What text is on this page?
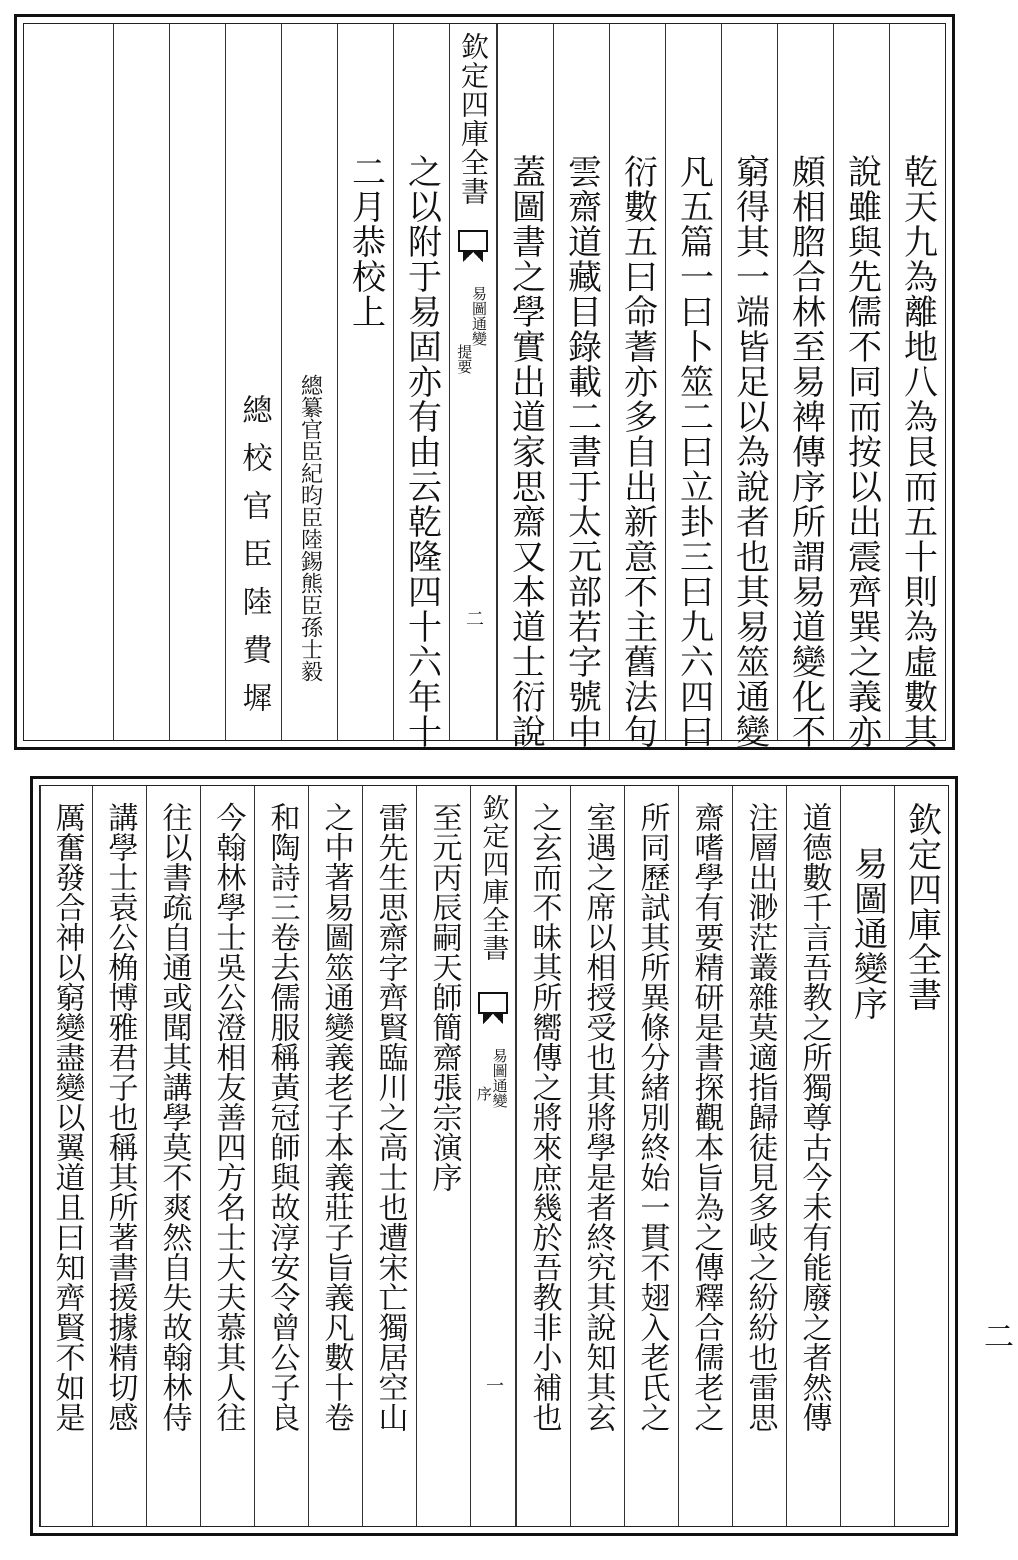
乾天九為離地八為艮而五十則為虛數其
說雖與先儒不同而按以出震齊巽之義亦
頗相脗合林至易裨傳序所謂易道變化不
窮得其一端皆足以為說者也其易筮通變
凡五篇一曰卜筮二曰立卦三曰九六四曰
衍數五曰命蓍亦多自出新意不主舊法句
雲齋道藏目錄載二書于太元部若字號中
蓋圖書之學實出道家思齋又本道士衍說
欽定四庫全書
易圖通變
提要
二
之以附于易固亦有由云乾隆四十六年十
二月恭校上
總纂官臣紀昀臣陸錫熊臣孫士毅
總校官臣陸費墀
欽定四庫全書
易圖通變序
道德數千言吾教之所獨尊古今未有能廢之者然傳
注層出渺茫叢雜莫適指歸徒見多岐之紛紛也雷思
齋嗜學有要精研是書探觀本旨為之傳釋合儒老之
所同歷試其所異條分緒別終始一貫不翅入老氏之
室遇之席以相授受也其將學是者終究其說知其玄
之玄而不昧其所嚮傳之將來庶幾於吾教非小補也
欽定四庫全書
易圖通變
序
一
至元丙辰嗣天師簡齋張宗演序
雷先生思齋字齊賢臨川之高士也遭宋亡獨居空山
之中著易圖筮通變義老子本義莊子旨義凡數十卷
和陶詩三卷去儒服稱黃冠師與故淳安令曾公子良
今翰林學士吳公澄相友善四方名士大夫慕其人往
往以書疏自通或聞其講學莫不爽然自失故翰林侍
講學士袁公桷博雅君子也稱其所著書援據精切感
厲奮發合神以窮變盡變以翼道且曰知齊賢不如是	二
